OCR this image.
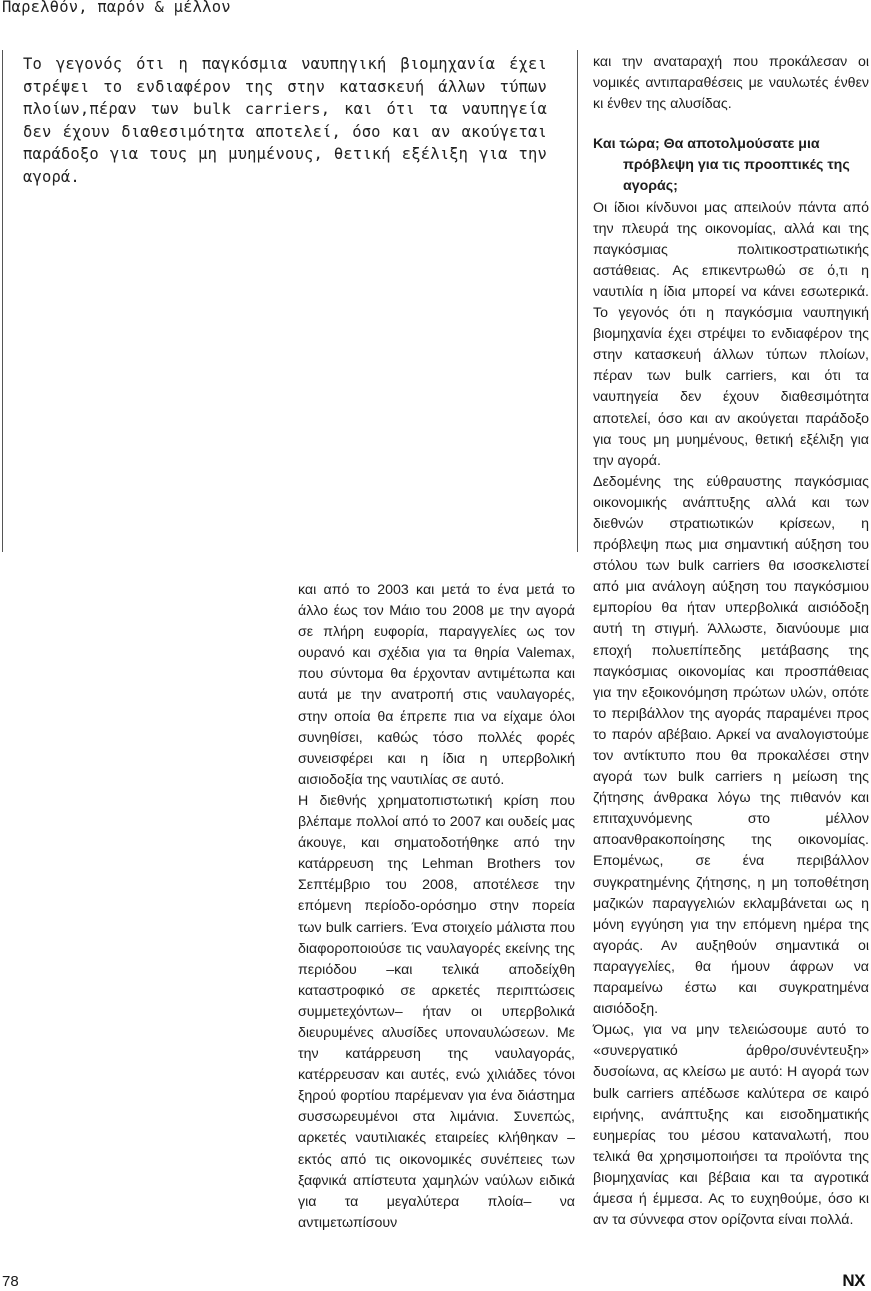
Παρελθόν, παρόν & μέλλον

Το γεγονός ότι η παγκόσμια ναυπηγική βιομηχανία έχει στρέψει το ενδιαφέρον της στην κατασκευή άλλων τύπων πλοίων,πέραν των bulk carriers, και ότι τα ναυπηγεία δεν έχουν διαθεσιμότητα αποτελεί, όσο και αν ακούγεται παράδοξο για τους μη μυημένους, θετική εξέλιξη για την αγορά.

και από το 2003 και μετά το ένα μετά το άλλο έως τον Μάιο του 2008 με την αγορά σε πλήρη ευφορία, παραγγελίες ως τον ουρανό και σχέδια για τα θηρία Valemax, που σύντομα θα έρχονταν αντιμέτωπα και αυτά με την ανατροπή στις ναυλαγορές, στην οποία θα έπρεπε πια να είχαμε όλοι συνηθίσει, καθώς τόσο πολλές φορές συνεισφέρει και η ίδια η υπερβολική αισιοδοξία της ναυτιλίας σε αυτό.

Η διεθνής χρηματοπιστωτική κρίση που βλέπαμε πολλοί από το 2007 και ουδείς μας άκουγε, και σηματοδοτήθηκε από την κατάρρευση της Lehman Brothers τον Σεπτέμβριο του 2008, αποτέλεσε την επόμενη περίοδο-ορόσημο στην πορεία των bulk carriers. Ένα στοιχείο μάλιστα που διαφοροποιούσε τις ναυλαγορές εκείνης της περιόδου –και τελικά αποδείχθη καταστροφικό σε αρκετές περιπτώσεις συμμετεχόντων– ήταν οι υπερβολικά διευρυμένες αλυσίδες υποναυλώσεων. Με την κατάρρευση της ναυλαγοράς, κατέρρευσαν και αυτές, ενώ χιλιάδες τόνοι ξηρού φορτίου παρέμεναν για ένα διάστημα συσσωρευμένοι στα λιμάνια. Συνεπώς, αρκετές ναυτιλιακές εταιρείες κλήθηκαν –εκτός από τις οικονομικές συνέπειες των ξαφνικά απίστευτα χαμηλών ναύλων ειδικά για τα μεγαλύτερα πλοία– να αντιμετωπίσουν

και την αναταραχή που προκάλεσαν οι νομικές αντιπαραθέσεις με ναυλωτές ένθεν κι ένθεν της αλυσίδας.

Και τώρα; Θα αποτολμούσατε μια πρόβλεψη για τις προοπτικές της αγοράς;

Οι ίδιοι κίνδυνοι μας απειλούν πάντα από την πλευρά της οικονομίας, αλλά και της παγκόσμιας πολιτικοστρατιωτικής αστάθειας. Ας επικεντρωθώ σε ό,τι η ναυτιλία η ίδια μπορεί να κάνει εσωτερικά. Το γεγονός ότι η παγκόσμια ναυπηγική βιομηχανία έχει στρέψει το ενδιαφέρον της στην κατασκευή άλλων τύπων πλοίων, πέραν των bulk carriers, και ότι τα ναυπηγεία δεν έχουν διαθεσιμότητα αποτελεί, όσο και αν ακούγεται παράδοξο για τους μη μυημένους, θετική εξέλιξη για την αγορά.

Δεδομένης της εύθραυστης παγκόσμιας οικονομικής ανάπτυξης αλλά και των διεθνών στρατιωτικών κρίσεων, η πρόβλεψη πως μια σημαντική αύξηση του στόλου των bulk carriers θα ισοσκελιστεί από μια ανάλογη αύξηση του παγκόσμιου εμπορίου θα ήταν υπερβολικά αισιόδοξη αυτή τη στιγμή. Άλλωστε, διανύουμε μια εποχή πολυεπίπεδης μετάβασης της παγκόσμιας οικονομίας και προσπάθειας για την εξοικονόμηση πρώτων υλών, οπότε το περιβάλλον της αγοράς παραμένει προς το παρόν αβέβαιο. Αρκεί να αναλογιστούμε τον αντίκτυπο που θα προκαλέσει στην αγορά των bulk carriers η μείωση της ζήτησης άνθρακα λόγω της πιθανόν και επιταχυνόμενης στο μέλλον απoανθρακοποίησης της οικονομίας. Επομένως, σε ένα περιβάλλον συγκρατημένης ζήτησης, η μη τοποθέτηση μαζικών παραγγελιών εκλαμβάνεται ως η μόνη εγγύηση για την επόμενη ημέρα της αγοράς. Αν αυξηθούν σημαντικά οι παραγγελίες, θα ήμουν άφρων να παραμείνω έστω και συγκρατημένα αισιόδοξη.

Όμως, για να μην τελειώσουμε αυτό το «συνεργατικό άρθρο/συνέντευξη» δυσοίωνα, ας κλείσω με αυτό: Η αγορά των bulk carriers απέδωσε καλύτερα σε καιρό ειρήνης, ανάπτυξης και εισοδηματικής ευημερίας του μέσου καταναλωτή, που τελικά θα χρησιμοποιήσει τα προϊόντα της βιομηχανίας και βέβαια και τα αγροτικά άμεσα ή έμμεσα. Ας το ευχηθούμε, όσο κι αν τα σύννεφα στον ορίζοντα είναι πολλά.

78	NX
